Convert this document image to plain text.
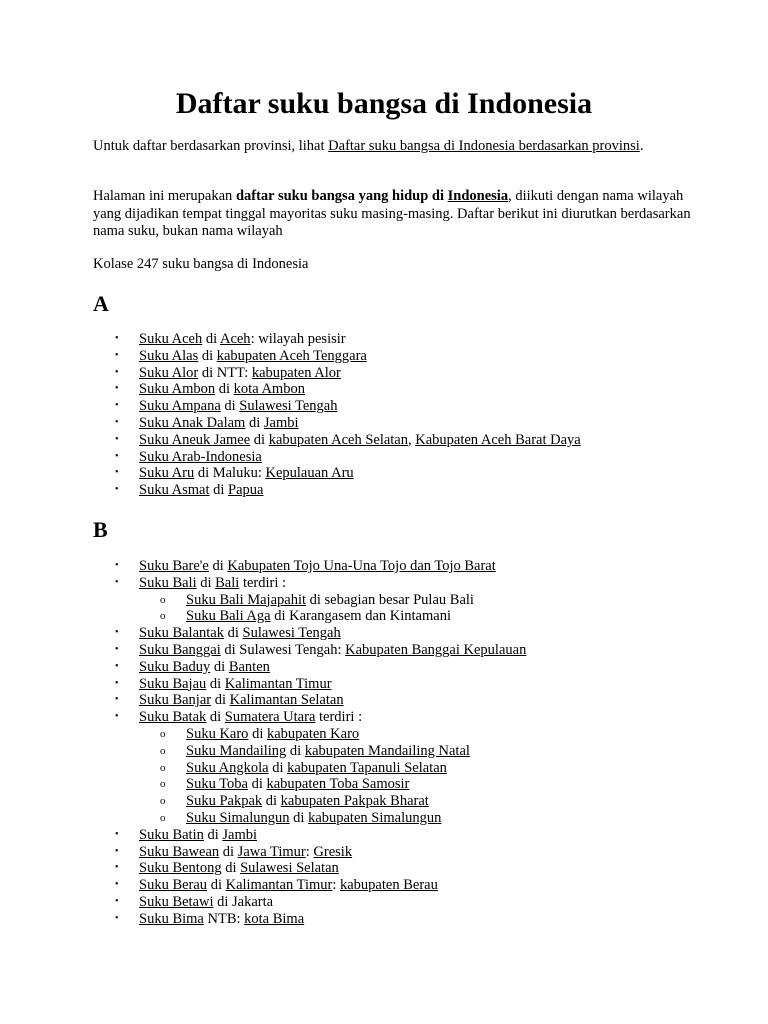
Daftar suku bangsa di Indonesia

Untuk daftar berdasarkan provinsi, lihat Daftar suku bangsa di Indonesia berdasarkan provinsi.

Halaman ini merupakan daftar suku bangsa yang hidup di Indonesia, diikuti dengan nama wilayah yang dijadikan tempat tinggal mayoritas suku masing-masing. Daftar berikut ini diurutkan berdasarkan nama suku, bukan nama wilayah

Kolase 247 suku bangsa di Indonesia

A
• Suku Aceh di Aceh: wilayah pesisir
• Suku Alas di kabupaten Aceh Tenggara
• Suku Alor di NTT: kabupaten Alor
• Suku Ambon di kota Ambon
• Suku Ampana di Sulawesi Tengah
• Suku Anak Dalam di Jambi
• Suku Aneuk Jamee di kabupaten Aceh Selatan, Kabupaten Aceh Barat Daya
• Suku Arab-Indonesia
• Suku Aru di Maluku: Kepulauan Aru
• Suku Asmat di Papua
B
• Suku Bare'e di Kabupaten Tojo Una-Una Tojo dan Tojo Barat
• Suku Bali di Bali terdiri :
o Suku Bali Majapahit di sebagian besar Pulau Bali
o Suku Bali Aga di Karangasem dan Kintamani
• Suku Balantak di Sulawesi Tengah
• Suku Banggai di Sulawesi Tengah: Kabupaten Banggai Kepulauan
• Suku Baduy di Banten
• Suku Bajau di Kalimantan Timur
• Suku Banjar di Kalimantan Selatan
• Suku Batak di Sumatera Utara terdiri :
o Suku Karo di kabupaten Karo
o Suku Mandailing di kabupaten Mandailing Natal
o Suku Angkola di kabupaten Tapanuli Selatan
o Suku Toba di kabupaten Toba Samosir
o Suku Pakpak di kabupaten Pakpak Bharat
o Suku Simalungun di kabupaten Simalungun
• Suku Batin di Jambi
• Suku Bawean di Jawa Timur: Gresik
• Suku Bentong di Sulawesi Selatan
• Suku Berau di Kalimantan Timur: kabupaten Berau
• Suku Betawi di Jakarta
• Suku Bima NTB: kota Bima
